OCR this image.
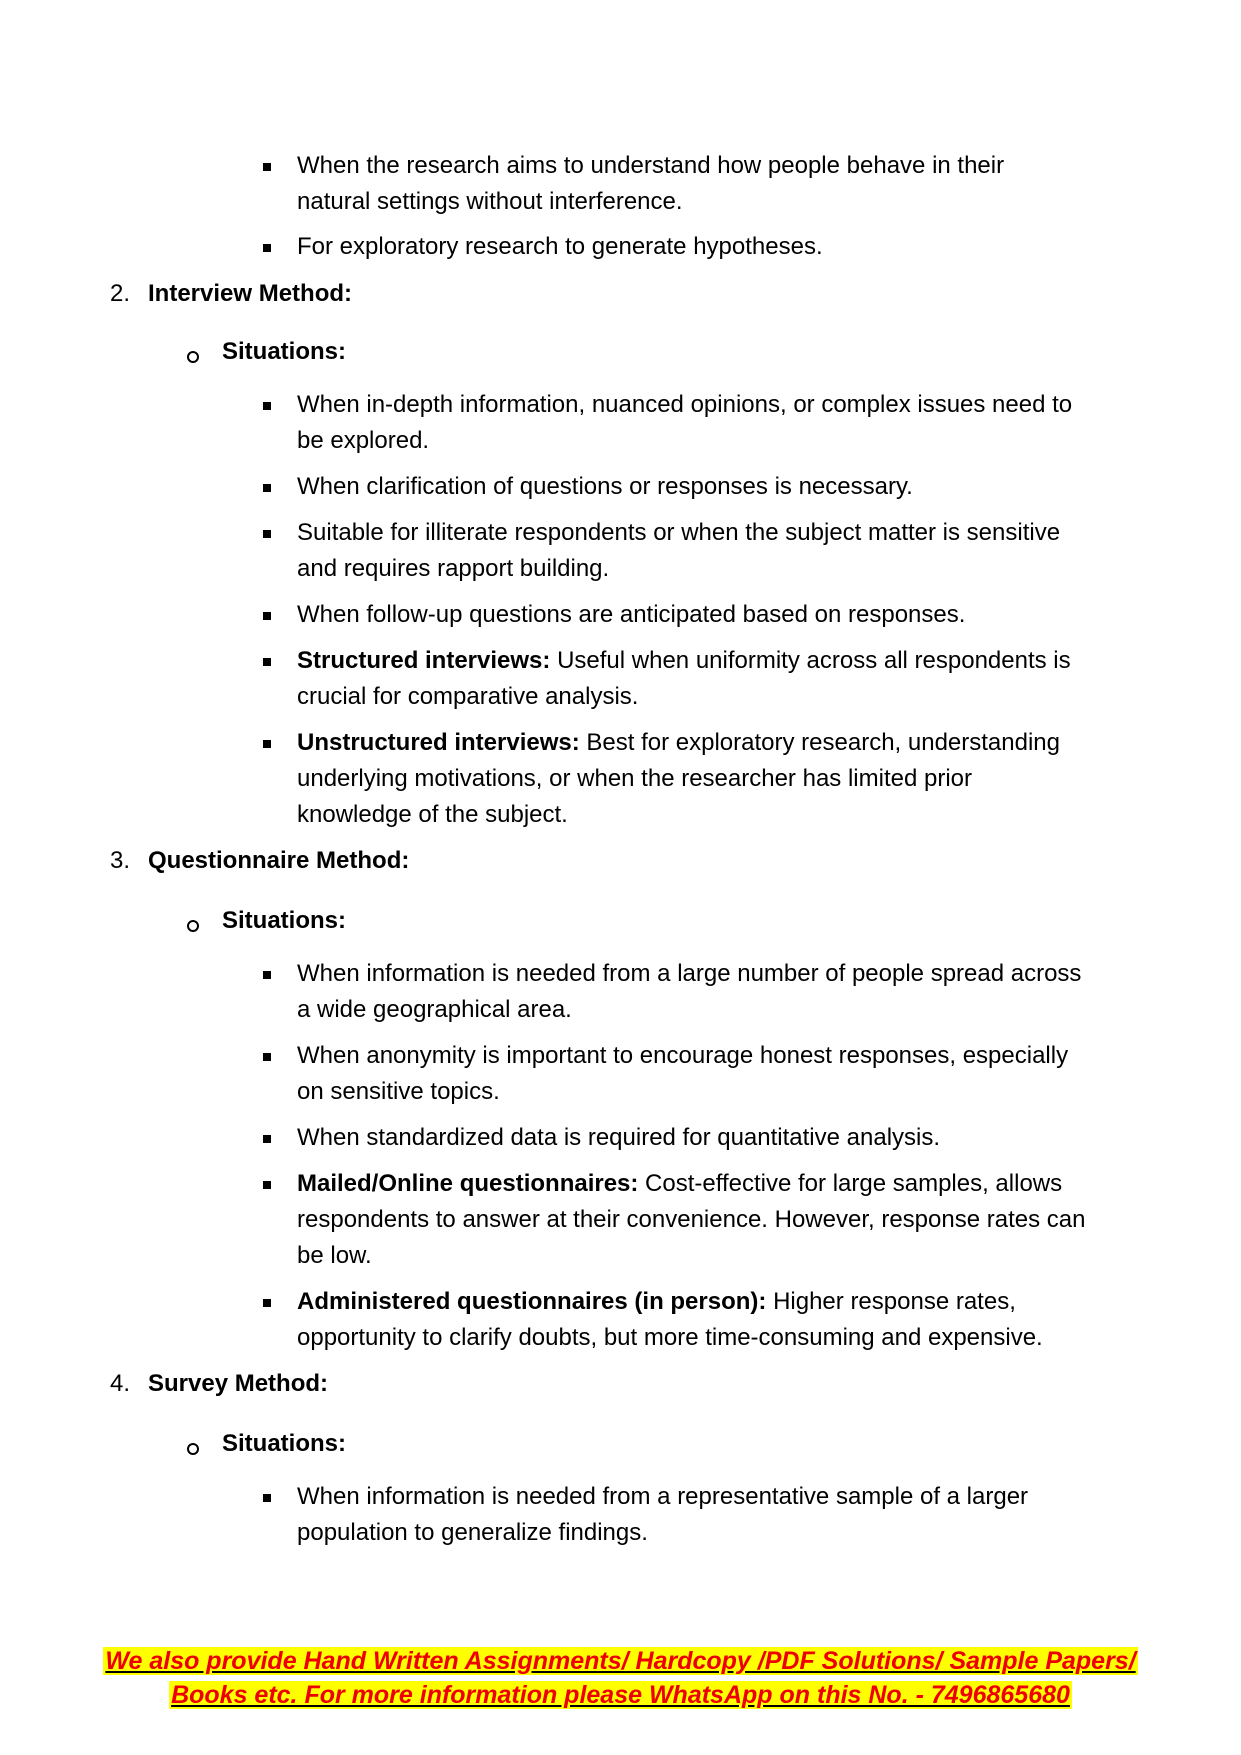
When the research aims to understand how people behave in their
natural settings without interference.
For exploratory research to generate hypotheses.
2. Interview Method:
Situations:
When in-depth information, nuanced opinions, or complex issues need to
be explored.
When clarification of questions or responses is necessary.
Suitable for illiterate respondents or when the subject matter is sensitive
and requires rapport building.
When follow-up questions are anticipated based on responses.
Structured interviews: Useful when uniformity across all respondents is
crucial for comparative analysis.
Unstructured interviews: Best for exploratory research, understanding
underlying motivations, or when the researcher has limited prior
knowledge of the subject.
3. Questionnaire Method:
Situations:
When information is needed from a large number of people spread across
a wide geographical area.
When anonymity is important to encourage honest responses, especially
on sensitive topics.
When standardized data is required for quantitative analysis.
Mailed/Online questionnaires: Cost-effective for large samples, allows
respondents to answer at their convenience. However, response rates can
be low.
Administered questionnaires (in person): Higher response rates,
opportunity to clarify doubts, but more time-consuming and expensive.
4. Survey Method:
Situations:
When information is needed from a representative sample of a larger
population to generalize findings.
We also provide Hand Written Assignments/ Hardcopy /PDF Solutions/ Sample Papers/
Books etc. For more information please WhatsApp on this No. - 7496865680
